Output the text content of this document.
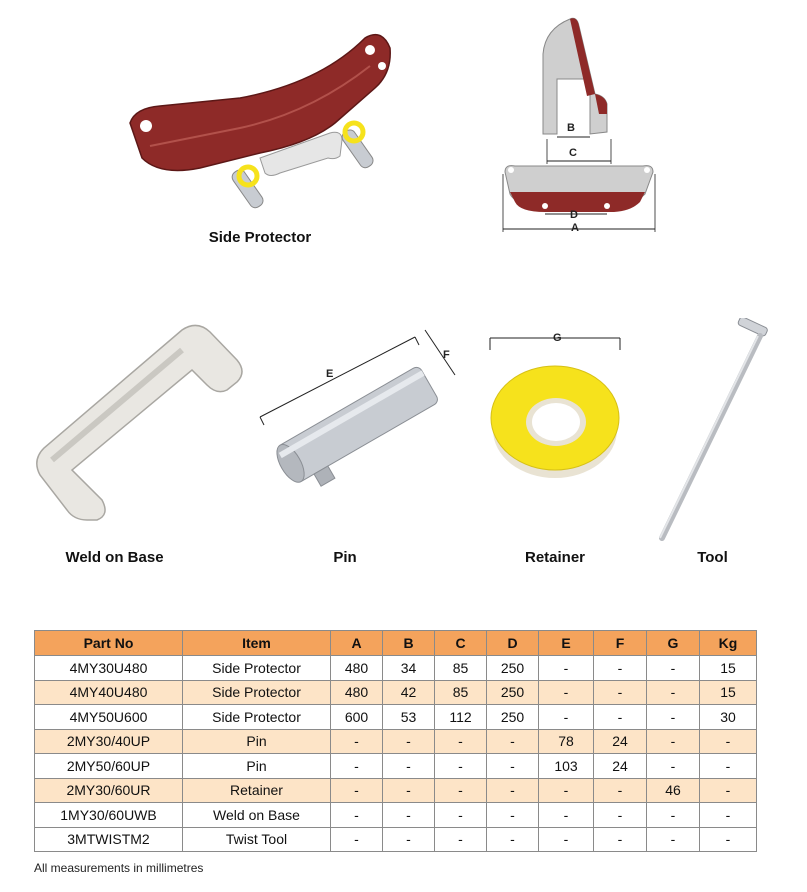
Side Protector
B
C
D
A
Weld on Base
E
F
Pin
G
Retainer	Tool
Part No	Item	A	B	C	D	E	F	G	Kg
4MY30U480	Side Protector	480	34	85	250	-	-	-	15
4MY40U480	Side Protector	480	42	85	250	-	-	-	15
4MY50U600	Side Protector	600	53	112	250	-	-	-	30
2MY30/40UP	Pin	-	-	-	-	78	24	-	-
2MY50/60UP	Pin	-	-	-	-	103	24	-	-
2MY30/60UR	Retainer	-	-	-	-	-	-	46	-
1MY30/60UWB	Weld on Base	-	-	-	-	-	-	-	-
3MTWISTM2	Twist Tool	-	-	-	-	-	-	-	-
All measurements in millimetres
